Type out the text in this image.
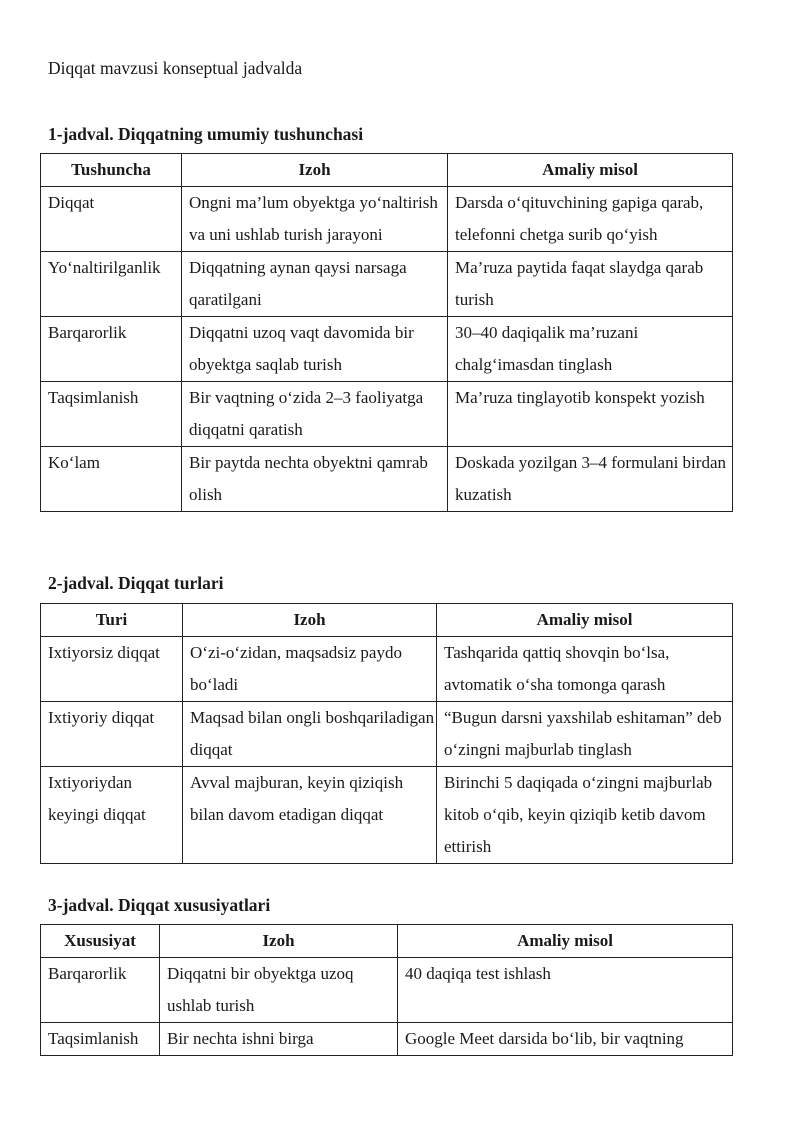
Diqqat mavzusi konseptual jadvalda
1-jadval. Diqqatning umumiy tushunchasi
Tushuncha	Izoh	Amaliy misol
Diqqat	Ongni ma’lum obyektga yo‘naltirish va uni ushlab turish jarayoni	Darsda o‘qituvchining gapiga qarab, telefonni chetga surib qo‘yish
Yo‘naltirilganlik	Diqqatning aynan qaysi narsaga qaratilgani	Ma’ruza paytida faqat slaydga qarab turish
Barqarorlik	Diqqatni uzoq vaqt davomida bir obyektga saqlab turish	30–40 daqiqalik ma’ruzani chalg‘imasdan tinglash
Taqsimlanish	Bir vaqtning o‘zida 2–3 faoliyatga diqqatni qaratish	Ma’ruza tinglayotib konspekt yozish
Ko‘lam	Bir paytda nechta obyektni qamrab olish	Doskada yozilgan 3–4 formulani birdan kuzatish
2-jadval. Diqqat turlari
Turi	Izoh	Amaliy misol
Ixtiyorsiz diqqat	O‘zi-o‘zidan, maqsadsiz paydo bo‘ladi	Tashqarida qattiq shovqin bo‘lsa, avtomatik o‘sha tomonga qarash
Ixtiyoriy diqqat	Maqsad bilan ongli boshqariladigan diqqat	“Bugun darsni yaxshilab eshitaman” deb o‘zingni majburlab tinglash
Ixtiyoriydan keyingi diqqat	Avval majburan, keyin qiziqish bilan davom etadigan diqqat	Birinchi 5 daqiqada o‘zingni majburlab kitob o‘qib, keyin qiziqib ketib davom ettirish
3-jadval. Diqqat xususiyatlari
Xususiyat	Izoh	Amaliy misol
Barqarorlik	Diqqatni bir obyektga uzoq ushlab turish	40 daqiqa test ishlash
Taqsimlanish	Bir nechta ishni birga	Google Meet darsida bo‘lib, bir vaqtning
